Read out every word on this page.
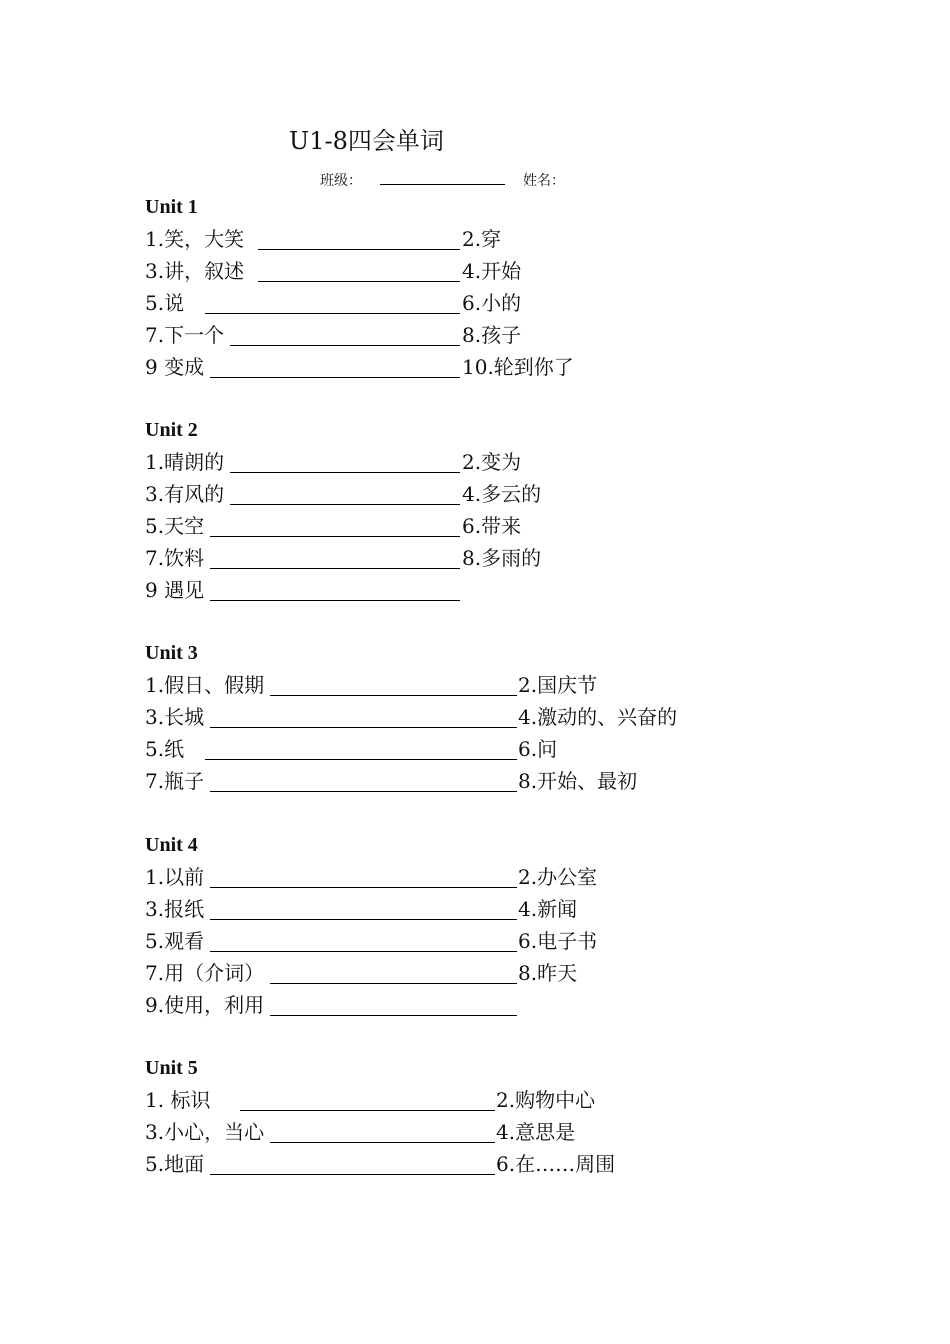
U1-8四会单词
班级：	姓名：
Unit 1
1.笑，大笑	2.穿
3.讲，叙述	4.开始
5.说	6.小的
7.下一个	8.孩子
9 变成	10.轮到你了
Unit 2
1.晴朗的	2.变为
3.有风的	4.多云的
5.天空	6.带来
7.饮料	8.多雨的
9 遇见
Unit 3
1.假日、假期	2.国庆节
3.长城	4.激动的、兴奋的
5.纸	6.问
7.瓶子	8.开始、最初
Unit 4
1.以前	2.办公室
3.报纸	4.新闻
5.观看	6.电子书
7.用（介词）	8.昨天
9.使用，利用
Unit 5
1. 标识	2.购物中心
3.小心，当心	4.意思是
5.地面	6.在……周围
